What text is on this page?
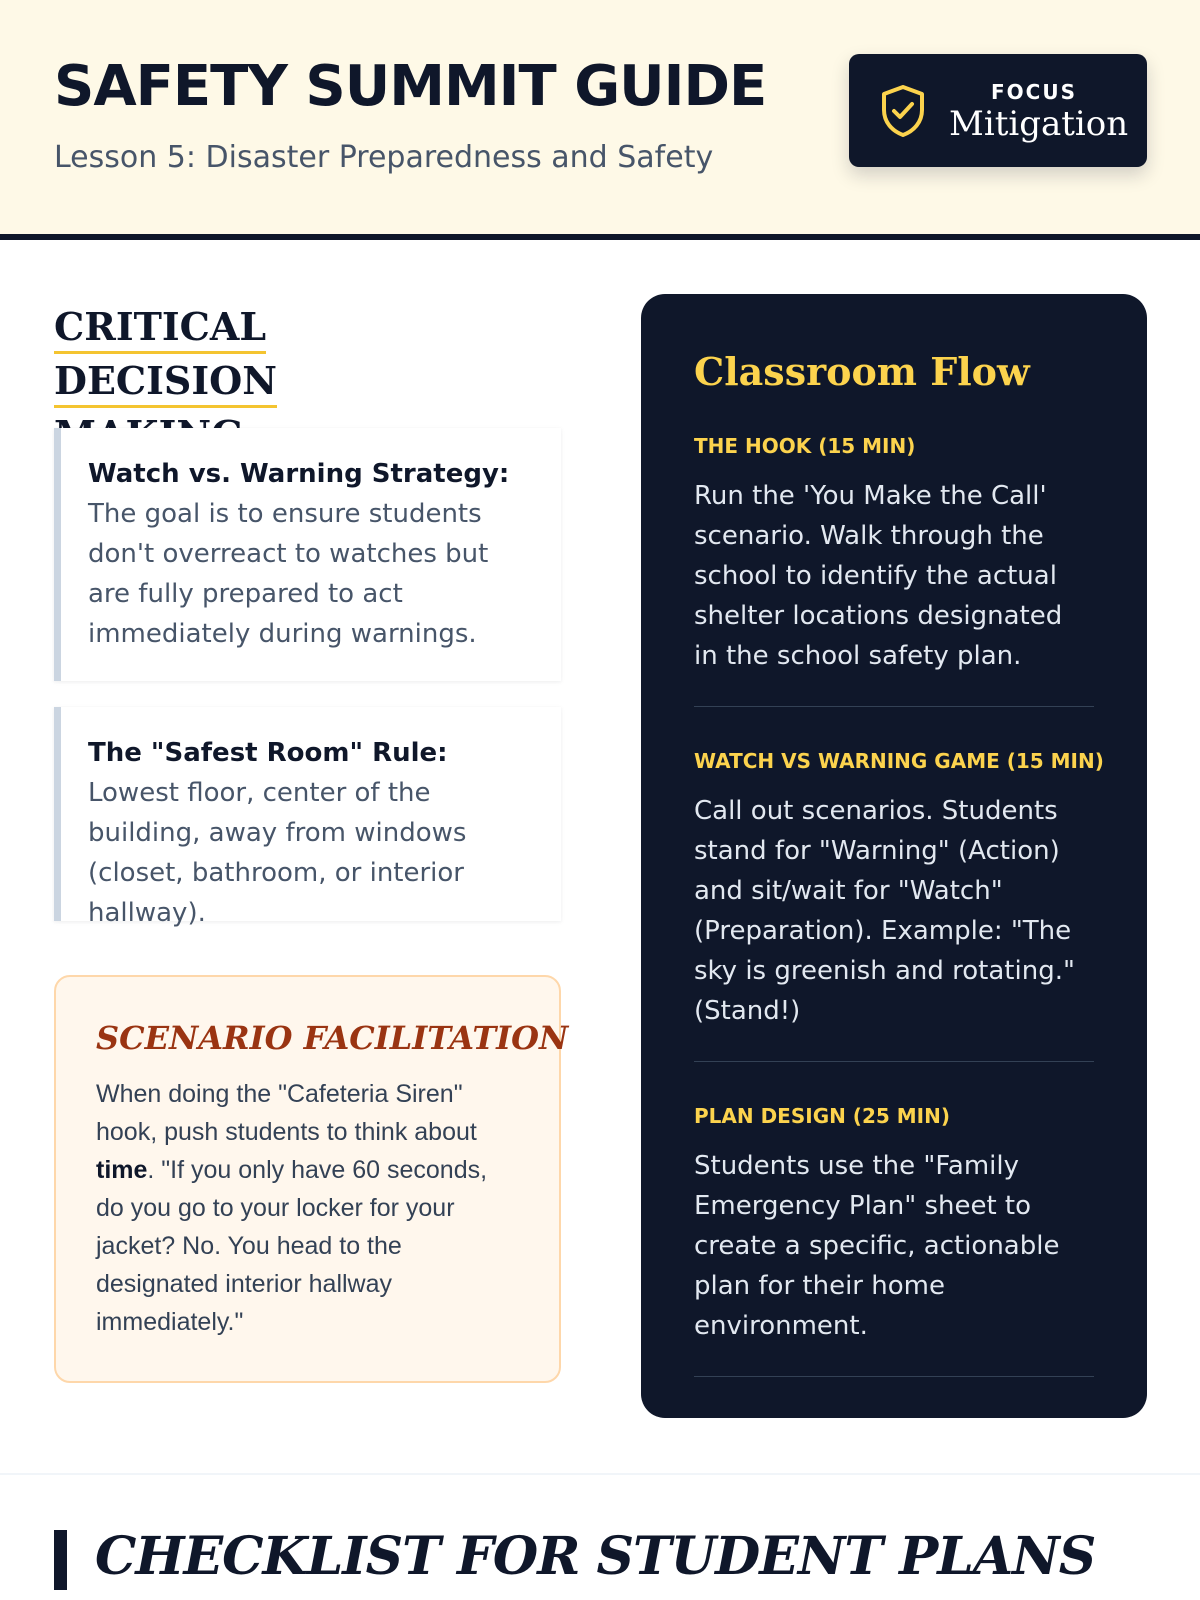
SAFETY SUMMIT GUIDE
Lesson 5: Disaster Preparedness and Safety
FOCUS
Mitigation
CRITICAL DECISION
Watch vs. Warning Strategy:
The goal is to ensure students don't overreact to watches but are fully prepared to act immediately during warnings.
The "Safest Room" Rule:
Lowest floor, center of the building, away from windows (closet, bathroom, or interior hallway).
SCENARIO FACILITATION

When doing the "Cafeteria Siren" hook, push students to think about time. "If you only have 60 seconds, do you go to your locker for your jacket? No. You head to the designated interior hallway immediately."

Classroom Flow
THE HOOK (15 MIN)

Run the 'You Make the Call' scenario. Walk through the school to identify the actual shelter locations designated in the school safety plan.

WATCH VS WARNING GAME (15 MIN)

Call out scenarios. Students stand for "Warning" (Action) and sit/wait for "Watch" (Preparation). Example: "The sky is greenish and rotating." (Stand!)

PLAN DESIGN (25 MIN)

Students use the "Family Emergency Plan" sheet to create a specific, actionable plan for their home environment.

CHECKLIST FOR STUDENT PLANS
